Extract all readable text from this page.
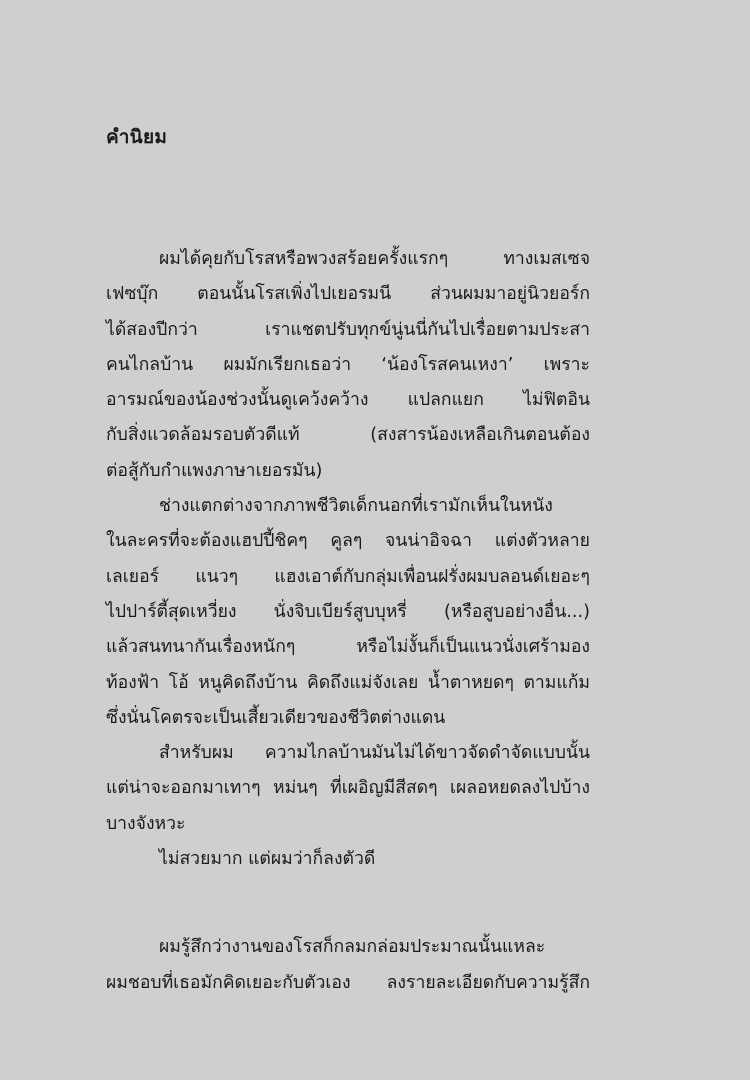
คำนิยม
ผมได้คุยกับโรสหรือพวงสร้อยครั้งแรกๆ ทางเมสเซจ
เฟซบุ๊ก ตอนนั้นโรสเพิ่งไปเยอรมนี ส่วนผมมาอยู่นิวยอร์ก
ได้สองปีกว่า เราแชตปรับทุกข์นู่นนี่กันไปเรื่อยตามประสา
คนไกลบ้าน ผมมักเรียกเธอว่า ‘น้องโรสคนเหงา’ เพราะ
อารมณ์ของน้องช่วงนั้นดูเคว้งคว้าง แปลกแยก ไม่ฟิตอิน
กับสิ่งแวดล้อมรอบตัวดีแท้ (สงสารน้องเหลือเกินตอนต้อง
ต่อสู้กับกำแพงภาษาเยอรมัน)
ช่างแตกต่างจากภาพชีวิตเด็กนอกที่เรามักเห็นในหนัง
ในละครที่จะต้องแฮปปี้ชิคๆ คูลๆ จนน่าอิจฉา แต่งตัวหลาย
เลเยอร์ แนวๆ แฮงเอาต์กับกลุ่มเพื่อนฝรั่งผมบลอนด์เยอะๆ
ไปปาร์ตี้สุดเหวี่ยง นั่งจิบเบียร์สูบบุหรี่ (หรือสูบอย่างอื่น...)
แล้วสนทนากันเรื่องหนักๆ หรือไม่งั้นก็เป็นแนวนั่งเศร้ามอง
ท้องฟ้า โอ้ หนูคิดถึงบ้าน คิดถึงแม่จังเลย น้ำตาหยดๆ ตามแก้ม
ซึ่งนั่นโคตรจะเป็นเสี้ยวเดียวของชีวิตต่างแดน
สำหรับผม ความไกลบ้านมันไม่ได้ขาวจัดดำจัดแบบนั้น
แต่น่าจะออกมาเทาๆ หม่นๆ ที่เผอิญมีสีสดๆ เผลอหยดลงไปบ้าง
บางจังหวะ
ไม่สวยมาก แต่ผมว่าก็ลงตัวดี
ผมรู้สึกว่างานของโรสก็กลมกล่อมประมาณนั้นแหละ
ผมชอบที่เธอมักคิดเยอะกับตัวเอง ลงรายละเอียดกับความรู้สึก
